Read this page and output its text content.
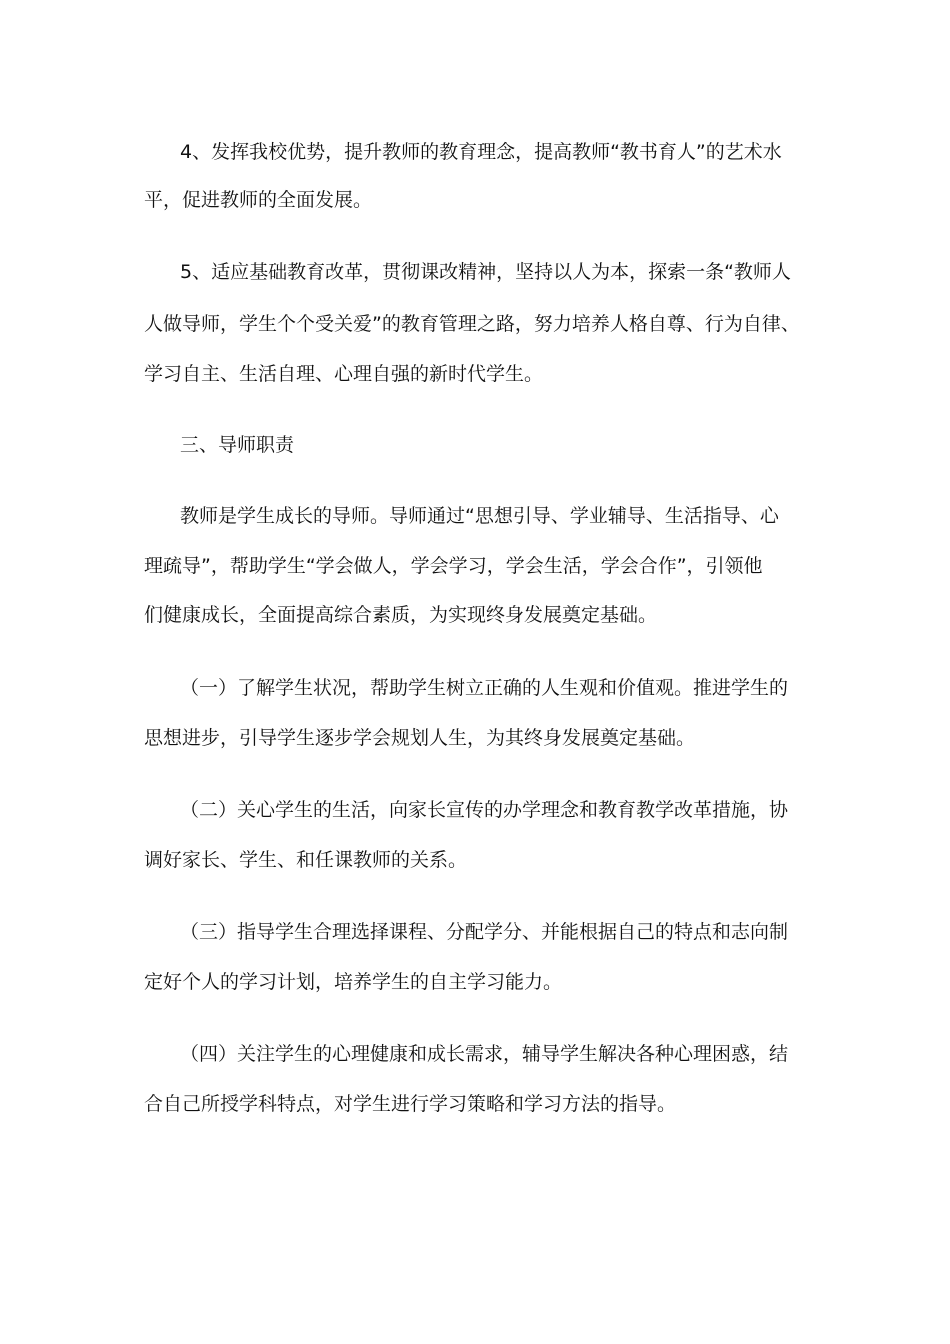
4、发挥我校优势，提升教师的教育理念，提高教师“教书育人”的艺术水
平，促进教师的全面发展。
5、适应基础教育改革，贯彻课改精神，坚持以人为本，探索一条“教师人
人做导师，学生个个受关爱”的教育管理之路，努力培养人格自尊、行为自律、
学习自主、生活自理、心理自强的新时代学生。
三、导师职责
教师是学生成长的导师。导师通过“思想引导、学业辅导、生活指导、心
理疏导”，帮助学生“学会做人，学会学习，学会生活，学会合作”，引领他
们健康成长，全面提高综合素质，为实现终身发展奠定基础。
（一）了解学生状况，帮助学生树立正确的人生观和价值观。推进学生的
思想进步，引导学生逐步学会规划人生，为其终身发展奠定基础。
（二）关心学生的生活，向家长宣传的办学理念和教育教学改革措施，协
调好家长、学生、和任课教师的关系。
（三）指导学生合理选择课程、分配学分、并能根据自己的特点和志向制
定好个人的学习计划，培养学生的自主学习能力。
（四）关注学生的心理健康和成长需求，辅导学生解决各种心理困惑，结
合自己所授学科特点，对学生进行学习策略和学习方法的指导。
